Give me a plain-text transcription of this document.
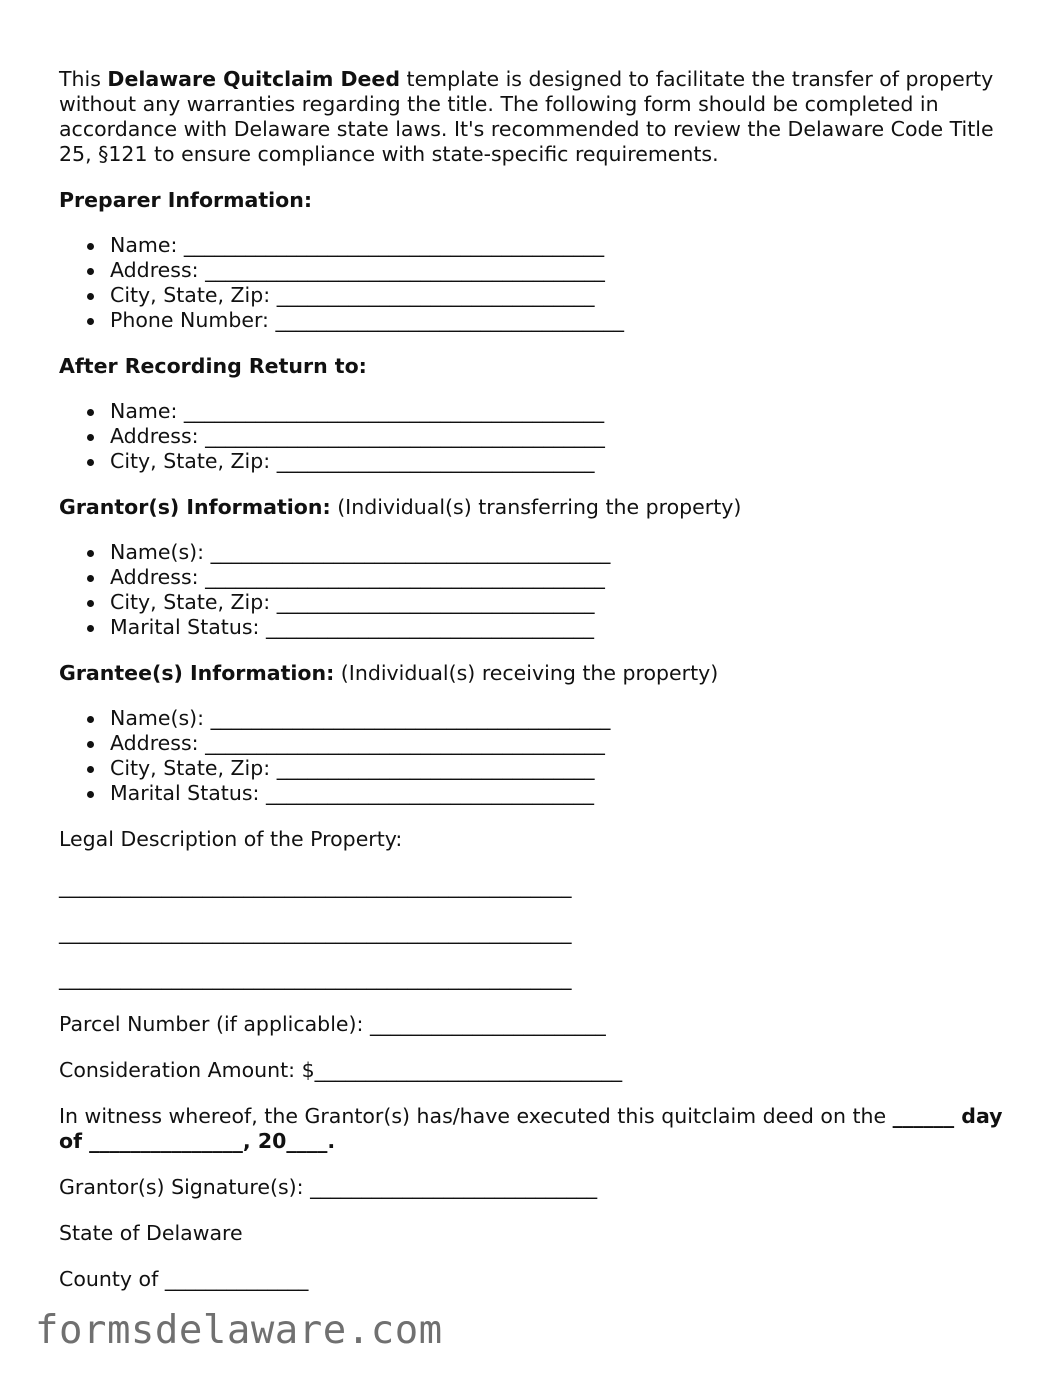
This Delaware Quitclaim Deed template is designed to facilitate the transfer of property without any warranties regarding the title. The following form should be completed in accordance with Delaware state laws. It's recommended to review the Delaware Code Title 25, §121 to ensure compliance with state-specific requirements.

Preparer Information:

Name: _________________________________________
Address: _______________________________________
City, State, Zip: _______________________________
Phone Number: __________________________________

After Recording Return to:

Name: _________________________________________
Address: _______________________________________
City, State, Zip: _______________________________

Grantor(s) Information: (Individual(s) transferring the property)

Name(s): _______________________________________
Address: _______________________________________
City, State, Zip: _______________________________
Marital Status: ________________________________

Grantee(s) Information: (Individual(s) receiving the property)

Name(s): _______________________________________
Address: _______________________________________
City, State, Zip: _______________________________
Marital Status: ________________________________

Legal Description of the Property:

__________________________________________________

__________________________________________________

__________________________________________________

Parcel Number (if applicable): _______________________

Consideration Amount: $______________________________

In witness whereof, the Grantor(s) has/have executed this quitclaim deed on the ______ day of _______________, 20____.

Grantor(s) Signature(s): ____________________________

State of Delaware

County of ______________

formsdelaware.com
